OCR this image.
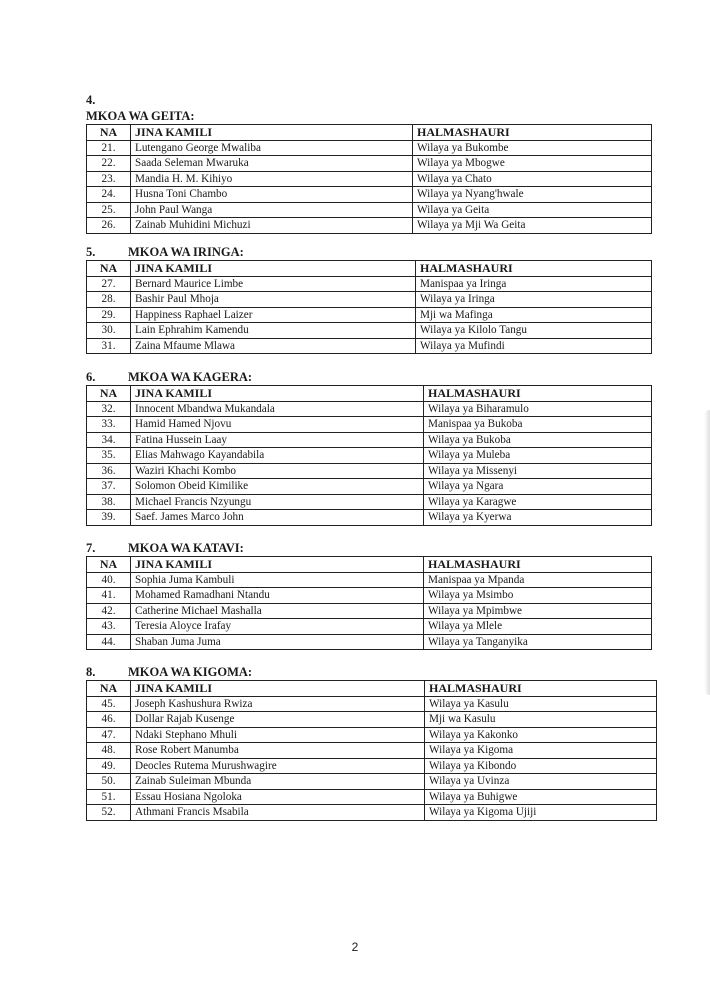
4.
MKOA WA GEITA:
NA	JINA KAMILI	HALMASHAURI
21.	Lutengano George Mwaliba	Wilaya ya Bukombe
22.	Saada Seleman Mwaruka	Wilaya ya Mbogwe
23.	Mandia H. M. Kihiyo	Wilaya ya Chato
24.	Husna Toni Chambo	Wilaya ya Nyang'hwale
25.	John Paul Wanga	Wilaya ya Geita
26.	Zainab Muhidini Michuzi	Wilaya ya Mji Wa Geita
5.	MKOA WA IRINGA:
NA	JINA KAMILI	HALMASHAURI
27.	Bernard Maurice Limbe	Manispaa ya Iringa
28.	Bashir Paul Mhoja	Wilaya ya Iringa
29.	Happiness Raphael Laizer	Mji wa Mafinga
30.	Lain Ephrahim Kamendu	Wilaya ya Kilolo Tangu
31.	Zaina Mfaume Mlawa	Wilaya ya Mufindi
6.	MKOA WA KAGERA:
NA	JINA KAMILI	HALMASHAURI
32.	Innocent Mbandwa Mukandala	Wilaya ya Biharamulo
33.	Hamid Hamed Njovu	Manispaa ya Bukoba
34.	Fatina Hussein Laay	Wilaya ya Bukoba
35.	Elias Mahwago Kayandabila	Wilaya ya Muleba
36.	Waziri Khachi Kombo	Wilaya ya Missenyi
37.	Solomon Obeid Kimilike	Wilaya ya Ngara
38.	Michael Francis Nzyungu	Wilaya ya Karagwe
39.	Saef. James Marco John	Wilaya ya Kyerwa
7.	MKOA WA KATAVI:
NA	JINA KAMILI	HALMASHAURI
40.	Sophia Juma Kambuli	Manispaa ya Mpanda
41.	Mohamed Ramadhani Ntandu	Wilaya ya Msimbo
42.	Catherine Michael Mashalla	Wilaya ya Mpimbwe
43.	Teresia Aloyce Irafay	Wilaya ya Mlele
44.	Shaban Juma Juma	Wilaya ya Tanganyika
8.	MKOA WA KIGOMA:
NA	JINA KAMILI	HALMASHAURI
45.	Joseph Kashushura Rwiza	Wilaya ya Kasulu
46.	Dollar Rajab Kusenge	Mji wa Kasulu
47.	Ndaki Stephano Mhuli	Wilaya ya Kakonko
48.	Rose Robert Manumba	Wilaya ya Kigoma
49.	Deocles Rutema Murushwagire	Wilaya ya Kibondo
50.	Zainab Suleiman Mbunda	Wilaya ya Uvinza
51.	Essau Hosiana Ngoloka	Wilaya ya Buhigwe
52.	Athmani Francis Msabila	Wilaya ya Kigoma Ujiji
2
